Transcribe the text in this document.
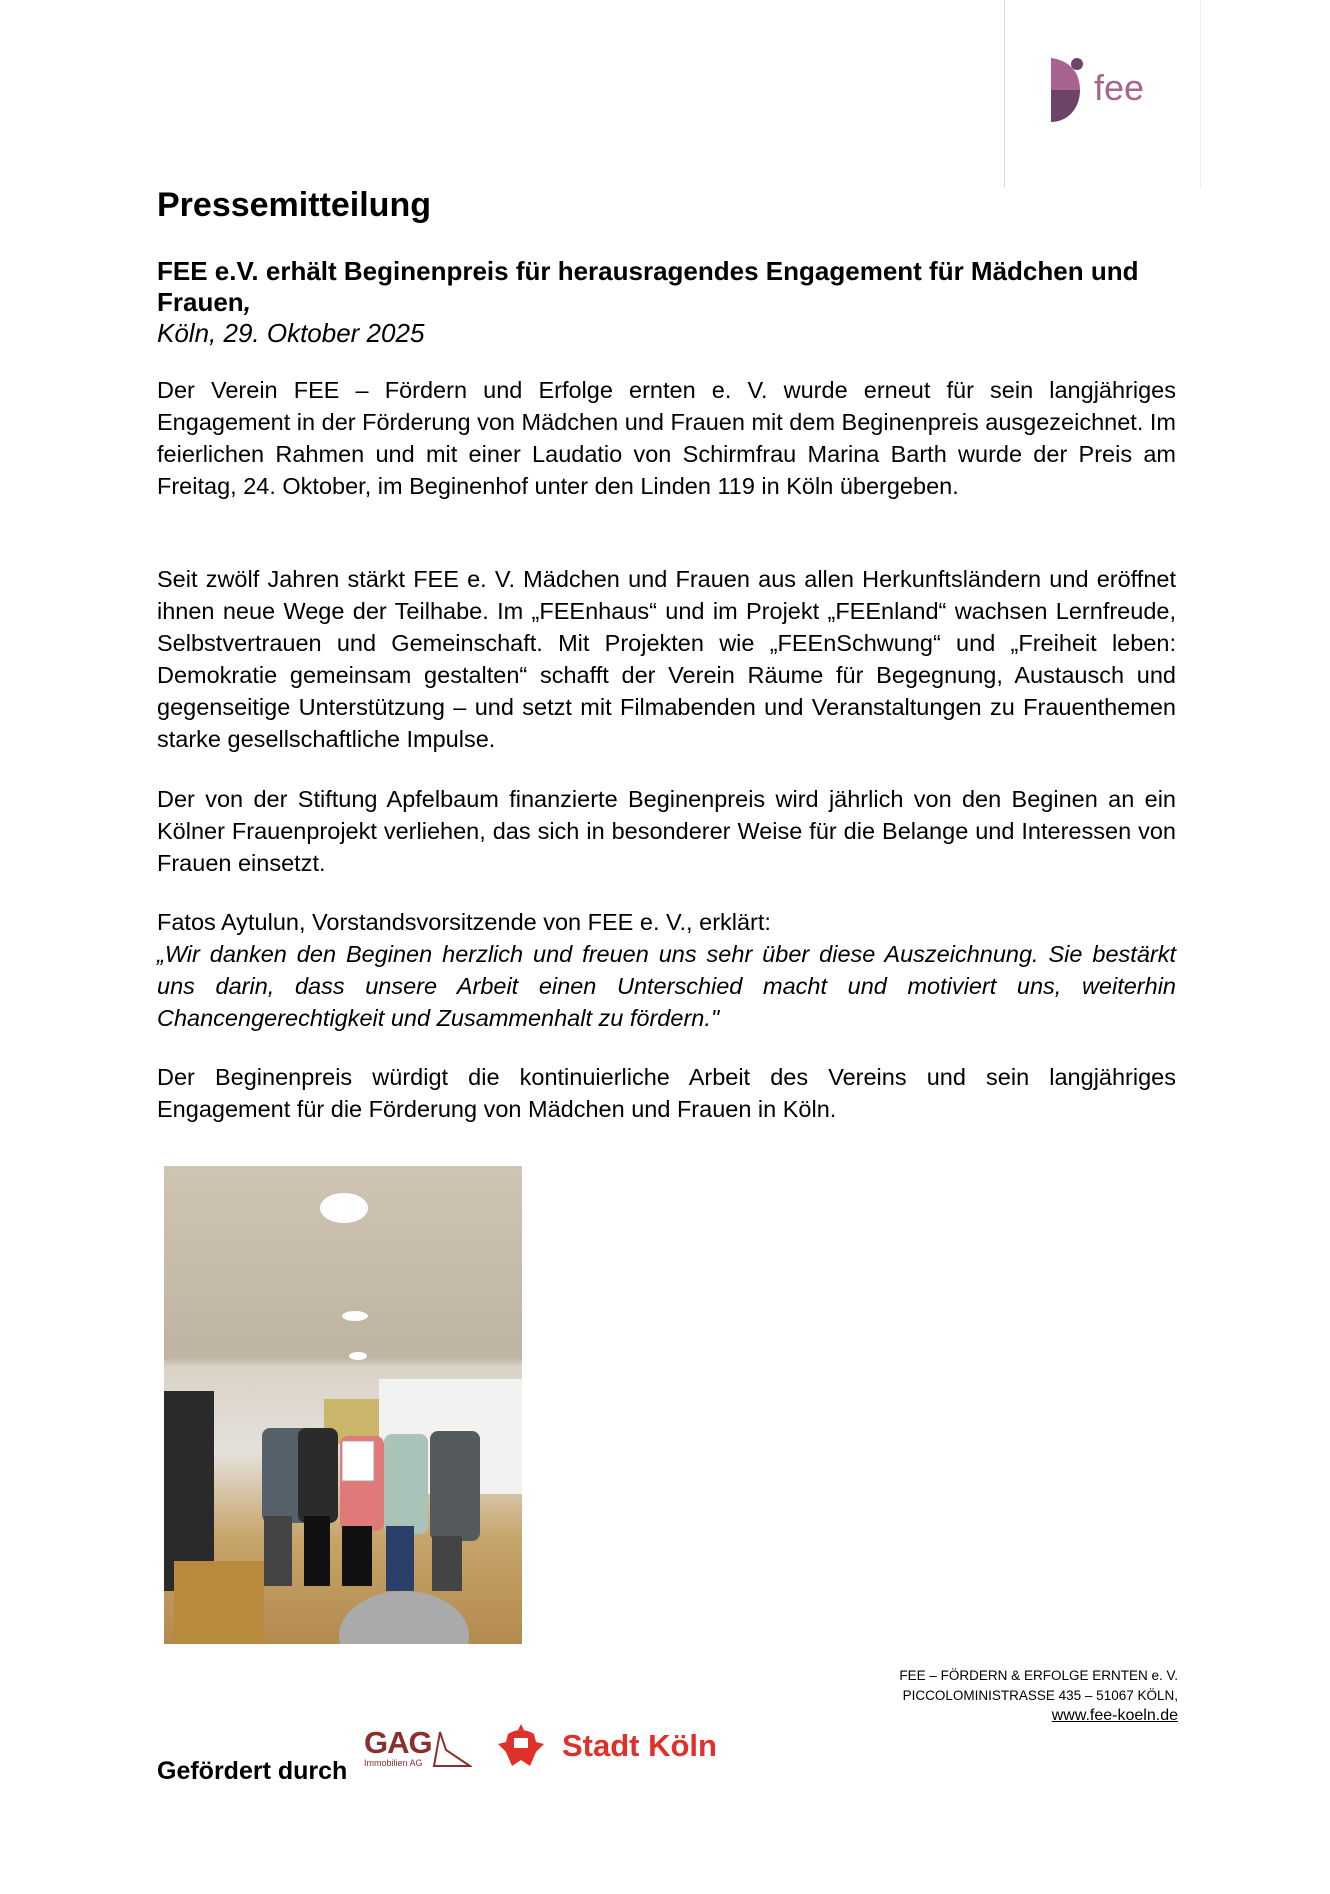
fee
Pressemitteilung
FEE e.V. erhält Beginenpreis für herausragendes Engagement für Mädchen und Frauen,
Köln, 29. Oktober 2025
Der Verein FEE – Fördern und Erfolge ernten e. V. wurde erneut für sein langjähriges Engagement in der Förderung von Mädchen und Frauen mit dem Beginenpreis ausgezeichnet. Im feierlichen Rahmen und mit einer Laudatio von Schirmfrau Marina Barth wurde der Preis am Freitag, 24. Oktober, im Beginenhof unter den Linden 119 in Köln übergeben.
Seit zwölf Jahren stärkt FEE e. V. Mädchen und Frauen aus allen Herkunftsländern und eröffnet ihnen neue Wege der Teilhabe. Im „FEEnhaus“ und im Projekt „FEEnland“ wachsen Lernfreude, Selbstvertrauen und Gemeinschaft. Mit Projekten wie „FEEnSchwung“ und „Freiheit leben: Demokratie gemeinsam gestalten“ schafft der Verein Räume für Begegnung, Austausch und gegenseitige Unterstützung – und setzt mit Filmabenden und Veranstaltungen zu Frauenthemen starke gesellschaftliche Impulse.
Der von der Stiftung Apfelbaum finanzierte Beginenpreis wird jährlich von den Beginen an ein Kölner Frauenprojekt verliehen, das sich in besonderer Weise für die Belange und Interessen von Frauen einsetzt.
Fatos Aytulun, Vorstandsvorsitzende von FEE e. V., erklärt:
„Wir danken den Beginen herzlich und freuen uns sehr über diese Auszeichnung. Sie bestärkt uns darin, dass unsere Arbeit einen Unterschied macht und motiviert uns, weiterhin Chancengerechtigkeit und Zusammenhalt zu fördern."
Der Beginenpreis würdigt die kontinuierliche Arbeit des Vereins und sein langjähriges Engagement für die Förderung von Mädchen und Frauen in Köln.
FEE – FÖRDERN & ERFOLGE ERNTEN e. V.
PICCOLOMINISTRASSE 435 – 51067 KÖLN,
www.fee-koeln.de
Gefördert durch
GAG
Immobilien AG	Stadt Köln
